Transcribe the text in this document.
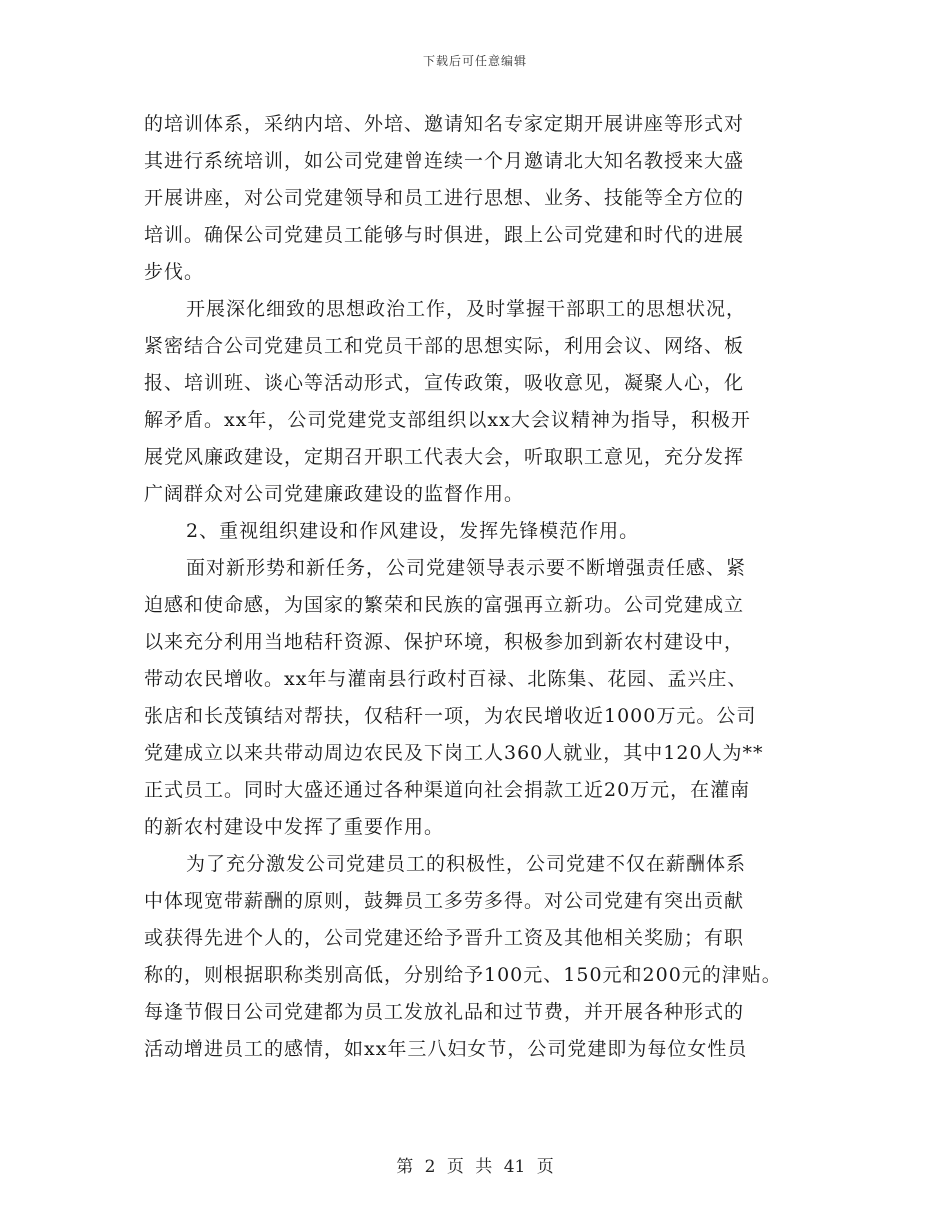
下载后可任意编辑
的培训体系，采纳内培、外培、邀请知名专家定期开展讲座等形式对
其进行系统培训，如公司党建曾连续一个月邀请北大知名教授来大盛
开展讲座，对公司党建领导和员工进行思想、业务、技能等全方位的
培训。确保公司党建员工能够与时俱进，跟上公司党建和时代的进展
步伐。
开展深化细致的思想政治工作，及时掌握干部职工的思想状况，
紧密结合公司党建员工和党员干部的思想实际，利用会议、网络、板
报、培训班、谈心等活动形式，宣传政策，吸收意见，凝聚人心，化
解矛盾。xx年，公司党建党支部组织以xx大会议精神为指导，积极开
展党风廉政建设，定期召开职工代表大会，听取职工意见，充分发挥
广阔群众对公司党建廉政建设的监督作用。
2、重视组织建设和作风建设，发挥先锋模范作用。
面对新形势和新任务，公司党建领导表示要不断增强责任感、紧
迫感和使命感，为国家的繁荣和民族的富强再立新功。公司党建成立
以来充分利用当地秸秆资源、保护环境，积极参加到新农村建设中，
带动农民增收。xx年与灌南县行政村百禄、北陈集、花园、孟兴庄、
张店和长茂镇结对帮扶，仅秸秆一项，为农民增收近1000万元。公司
党建成立以来共带动周边农民及下岗工人360人就业，其中120人为**
正式员工。同时大盛还通过各种渠道向社会捐款工近20万元，在灌南
的新农村建设中发挥了重要作用。
为了充分激发公司党建员工的积极性，公司党建不仅在薪酬体系
中体现宽带薪酬的原则，鼓舞员工多劳多得。对公司党建有突出贡献
或获得先进个人的，公司党建还给予晋升工资及其他相关奖励；有职
称的，则根据职称类别高低，分别给予100元、150元和200元的津贴。
每逢节假日公司党建都为员工发放礼品和过节费，并开展各种形式的
活动增进员工的感情，如xx年三八妇女节，公司党建即为每位女性员
第 2 页 共 41 页
